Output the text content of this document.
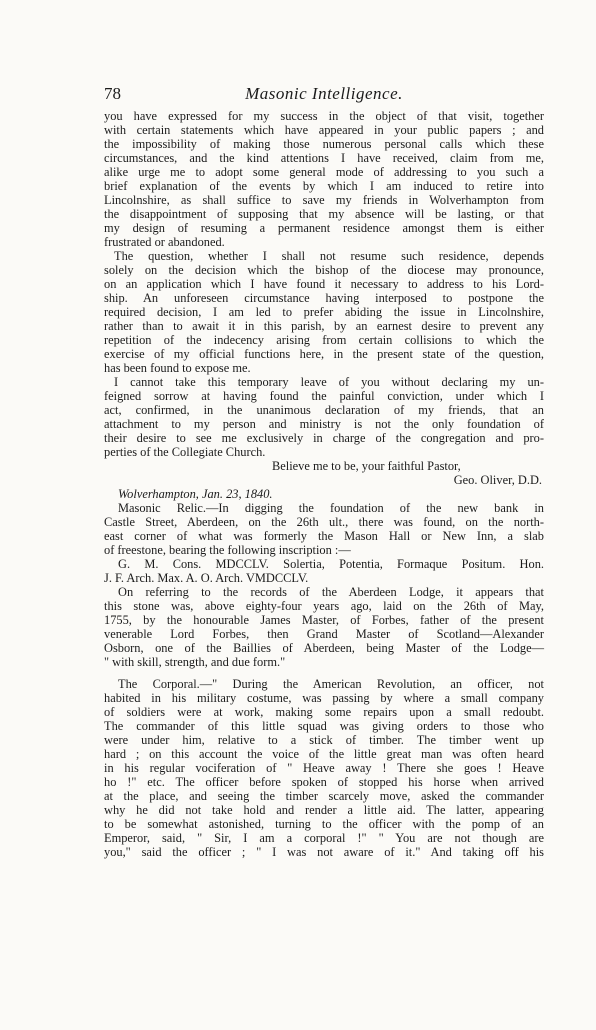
78	Masonic Intelligence.
you have expressed for my success in the object of that visit, together
with certain statements which have appeared in your public papers ; and
the impossibility of making those numerous personal calls which these
circumstances, and the kind attentions I have received, claim from me,
alike urge me to adopt some general mode of addressing to you such a
brief explanation of the events by which I am induced to retire into
Lincolnshire, as shall suffice to save my friends in Wolverhampton from
the disappointment of supposing that my absence will be lasting, or that
my design of resuming a permanent residence amongst them is either
frustrated or abandoned.
The question, whether I shall not resume such residence, depends
solely on the decision which the bishop of the diocese may pronounce,
on an application which I have found it necessary to address to his Lord-
ship. An unforeseen circumstance having interposed to postpone the
required decision, I am led to prefer abiding the issue in Lincolnshire,
rather than to await it in this parish, by an earnest desire to prevent any
repetition of the indecency arising from certain collisions to which the
exercise of my official functions here, in the present state of the question,
has been found to expose me.
I cannot take this temporary leave of you without declaring my un-
feigned sorrow at having found the painful conviction, under which I
act, confirmed, in the unanimous declaration of my friends, that an
attachment to my person and ministry is not the only foundation of
their desire to see me exclusively in charge of the congregation and pro-
perties of the Collegiate Church.
Believe me to be, your faithful Pastor,
Geo. Oliver, D.D.
Wolverhampton, Jan. 23, 1840.
Masonic Relic.—In digging the foundation of the new bank in
Castle Street, Aberdeen, on the 26th ult., there was found, on the north-
east corner of what was formerly the Mason Hall or New Inn, a slab
of freestone, bearing the following inscription :—
G. M. Cons. MDCCLV. Solertia, Potentia, Formaque Positum. Hon.
J. F. Arch. Max. A. O. Arch. VMDCCLV.
On referring to the records of the Aberdeen Lodge, it appears that
this stone was, above eighty-four years ago, laid on the 26th of May,
1755, by the honourable James Master, of Forbes, father of the present
venerable Lord Forbes, then Grand Master of Scotland—Alexander
Osborn, one of the Baillies of Aberdeen, being Master of the Lodge—
" with skill, strength, and due form."
The Corporal.—" During the American Revolution, an officer, not
habited in his military costume, was passing by where a small company
of soldiers were at work, making some repairs upon a small redoubt.
The commander of this little squad was giving orders to those who
were under him, relative to a stick of timber. The timber went up
hard ; on this account the voice of the little great man was often heard
in his regular vociferation of " Heave away ! There she goes ! Heave
ho !" etc. The officer before spoken of stopped his horse when arrived
at the place, and seeing the timber scarcely move, asked the commander
why he did not take hold and render a little aid. The latter, appearing
to be somewhat astonished, turning to the officer with the pomp of an
Emperor, said, " Sir, I am a corporal !" " You are not though are
you," said the officer ; " I was not aware of it." And taking off his
